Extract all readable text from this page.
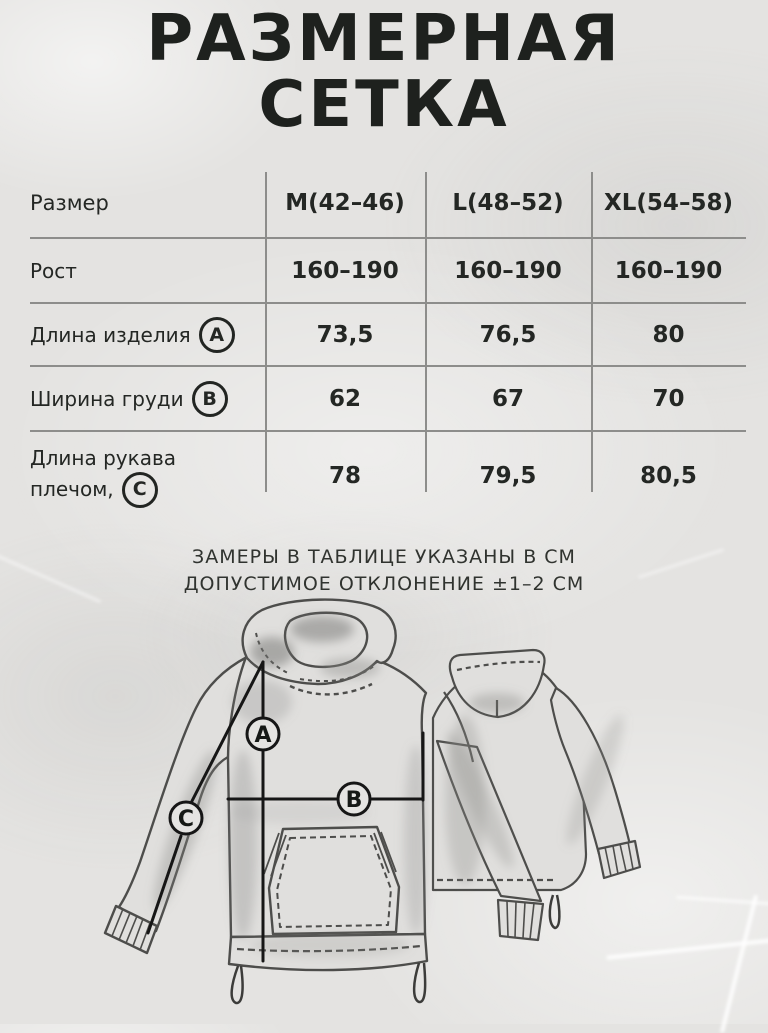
A
B
C
РАЗМЕРНАЯ
СЕТКА
Размер	M(42–46)	L(48–52)	XL(54–58)
Рост	160–190	160–190	160–190
Длина изделия A	73,5	76,5	80
Ширина груди B	62	67	70
Длина рукава
плечом,	C	78	79,5	80,5
ЗАМЕРЫ В ТАБЛИЦЕ УКАЗАНЫ В СМ
ДОПУСТИМОЕ ОТКЛОНЕНИЕ ±1–2 СМ
